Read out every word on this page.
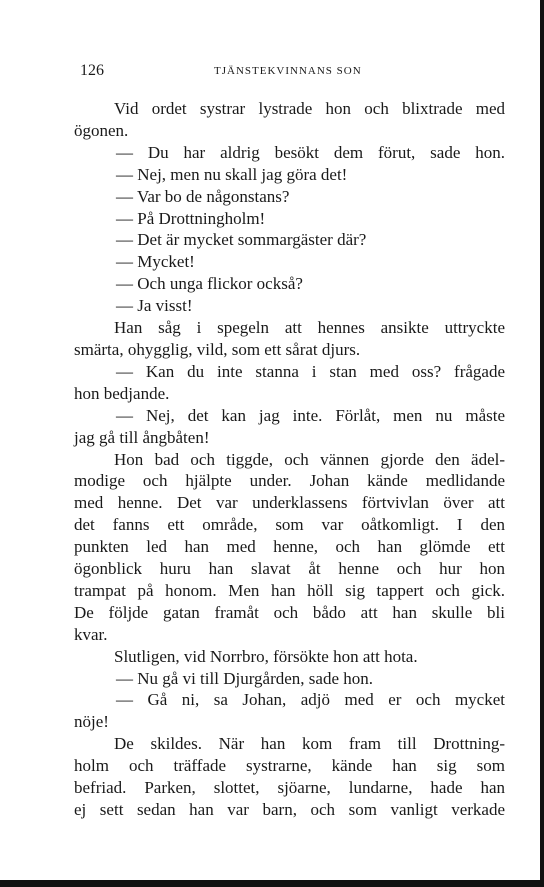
126	TJÄNSTEKVINNANS SON
Vid ordet systrar lystrade hon och blixtrade med
ögonen.
— Du har aldrig besökt dem förut, sade hon.
— Nej, men nu skall jag göra det!
— Var bo de någonstans?
— På Drottningholm!
— Det är mycket sommargäster där?
— Mycket!
— Och unga flickor också?
— Ja visst!
Han såg i spegeln att hennes ansikte uttryckte
smärta, ohygglig, vild, som ett sårat djurs.
— Kan du inte stanna i stan med oss? frågade
hon bedjande.
— Nej, det kan jag inte. Förlåt, men nu måste
jag gå till ångbåten!
Hon bad och tiggde, och vännen gjorde den ädel-
modige och hjälpte under. Johan kände medlidande
med henne. Det var underklassens förtvivlan över att
det fanns ett område, som var oåtkomligt. I den
punkten led han med henne, och han glömde ett
ögonblick huru han slavat åt henne och hur hon
trampat på honom. Men han höll sig tappert och gick.
De följde gatan framåt och bådo att han skulle bli
kvar.
Slutligen, vid Norrbro, försökte hon att hota.
— Nu gå vi till Djurgården, sade hon.
— Gå ni, sa Johan, adjö med er och mycket
nöje!
De skildes. När han kom fram till Drottning-
holm och träffade systrarne, kände han sig som
befriad. Parken, slottet, sjöarne, lundarne, hade han
ej sett sedan han var barn, och som vanligt verkade
